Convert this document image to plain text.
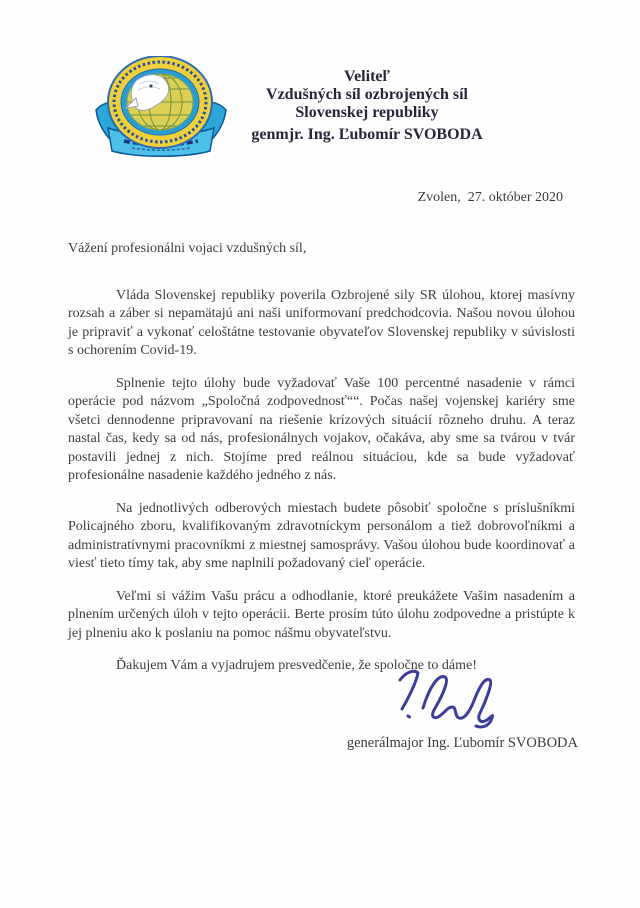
Veliteľ
Vzdušných síl ozbrojených síl
Slovenskej republiky
genmjr. Ing. Ľubomír SVOBODA
Zvolen,  27. október 2020

Vážení profesionálni vojaci vzdušných síl,

Vláda Slovenskej republiky poverila Ozbrojené sily SR úlohou, ktorej masívny rozsah a záber si nepamätajú ani naši uniformovaní predchodcovia. Našou novou úlohou je pripraviť a vykonať celoštátne testovanie obyvateľov Slovenskej republiky v súvislosti s ochorením Covid-19.

Splnenie tejto úlohy bude vyžadovať Vaše 100 percentné nasadenie v rámci operácie pod názvom „Spoločná zodpovednosť““. Počas našej vojenskej kariéry sme všetci dennodenne pripravovaní na riešenie krízových situácií rôzneho druhu. A teraz nastal čas, kedy sa od nás, profesionálnych vojakov, očakáva, aby sme sa tvárou v tvár postavili jednej z nich. Stojíme pred reálnou situáciou, kde sa bude vyžadovať profesionálne nasadenie každého jedného z nás.

Na jednotlivých odberových miestach budete pôsobiť spoločne s príslušníkmi Policajného zboru, kvalifikovaným zdravotníckym personálom a tiež dobrovoľníkmi a administratívnymi pracovníkmi z miestnej samosprávy. Vašou úlohou bude koordinovať a viesť tieto tímy tak, aby sme naplnili požadovaný cieľ operácie.

Veľmi si vážim Vašu prácu a odhodlanie, ktoré preukážete Vašim nasadením a plnením určených úloh v tejto operácii. Berte prosím túto úlohu zodpovedne a pristúpte k jej plneniu ako k poslaniu na pomoc nášmu obyvateľstvu.

Ďakujem Vám a vyjadrujem presvedčenie, že spoločne to dáme!

generálmajor Ing. Ľubomír SVOBODA
